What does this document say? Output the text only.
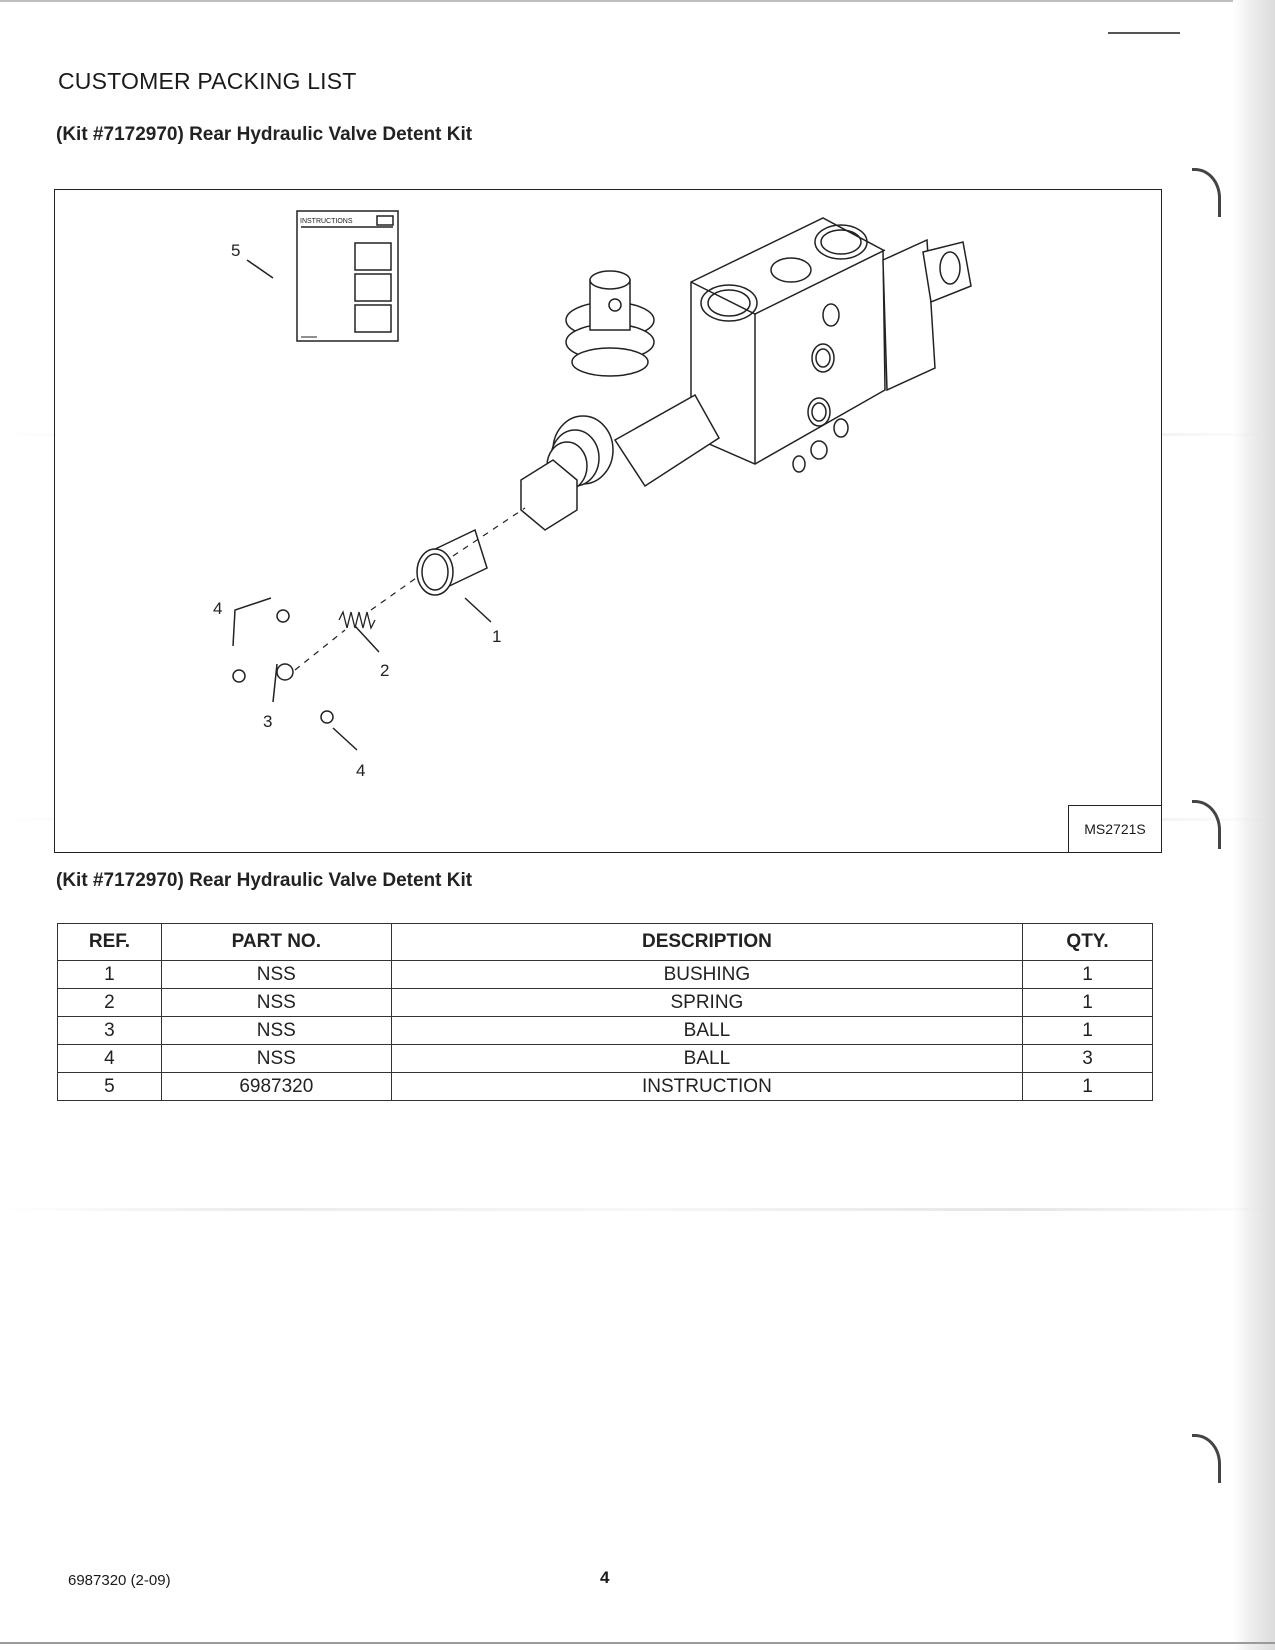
CUSTOMER PACKING LIST

(Kit #7172970) Rear Hydraulic Valve Detent Kit

5
1
2
3
4
4
INSTRUCTIONS
MS2721S

(Kit #7172970) Rear Hydraulic Valve Detent Kit

REF.	PART NO.	DESCRIPTION	QTY.
1	NSS	BUSHING	1
2	NSS	SPRING	1
3	NSS	BALL	1
4	NSS	BALL	3
5	6987320	INSTRUCTION	1
6987320 (2-09)	4
